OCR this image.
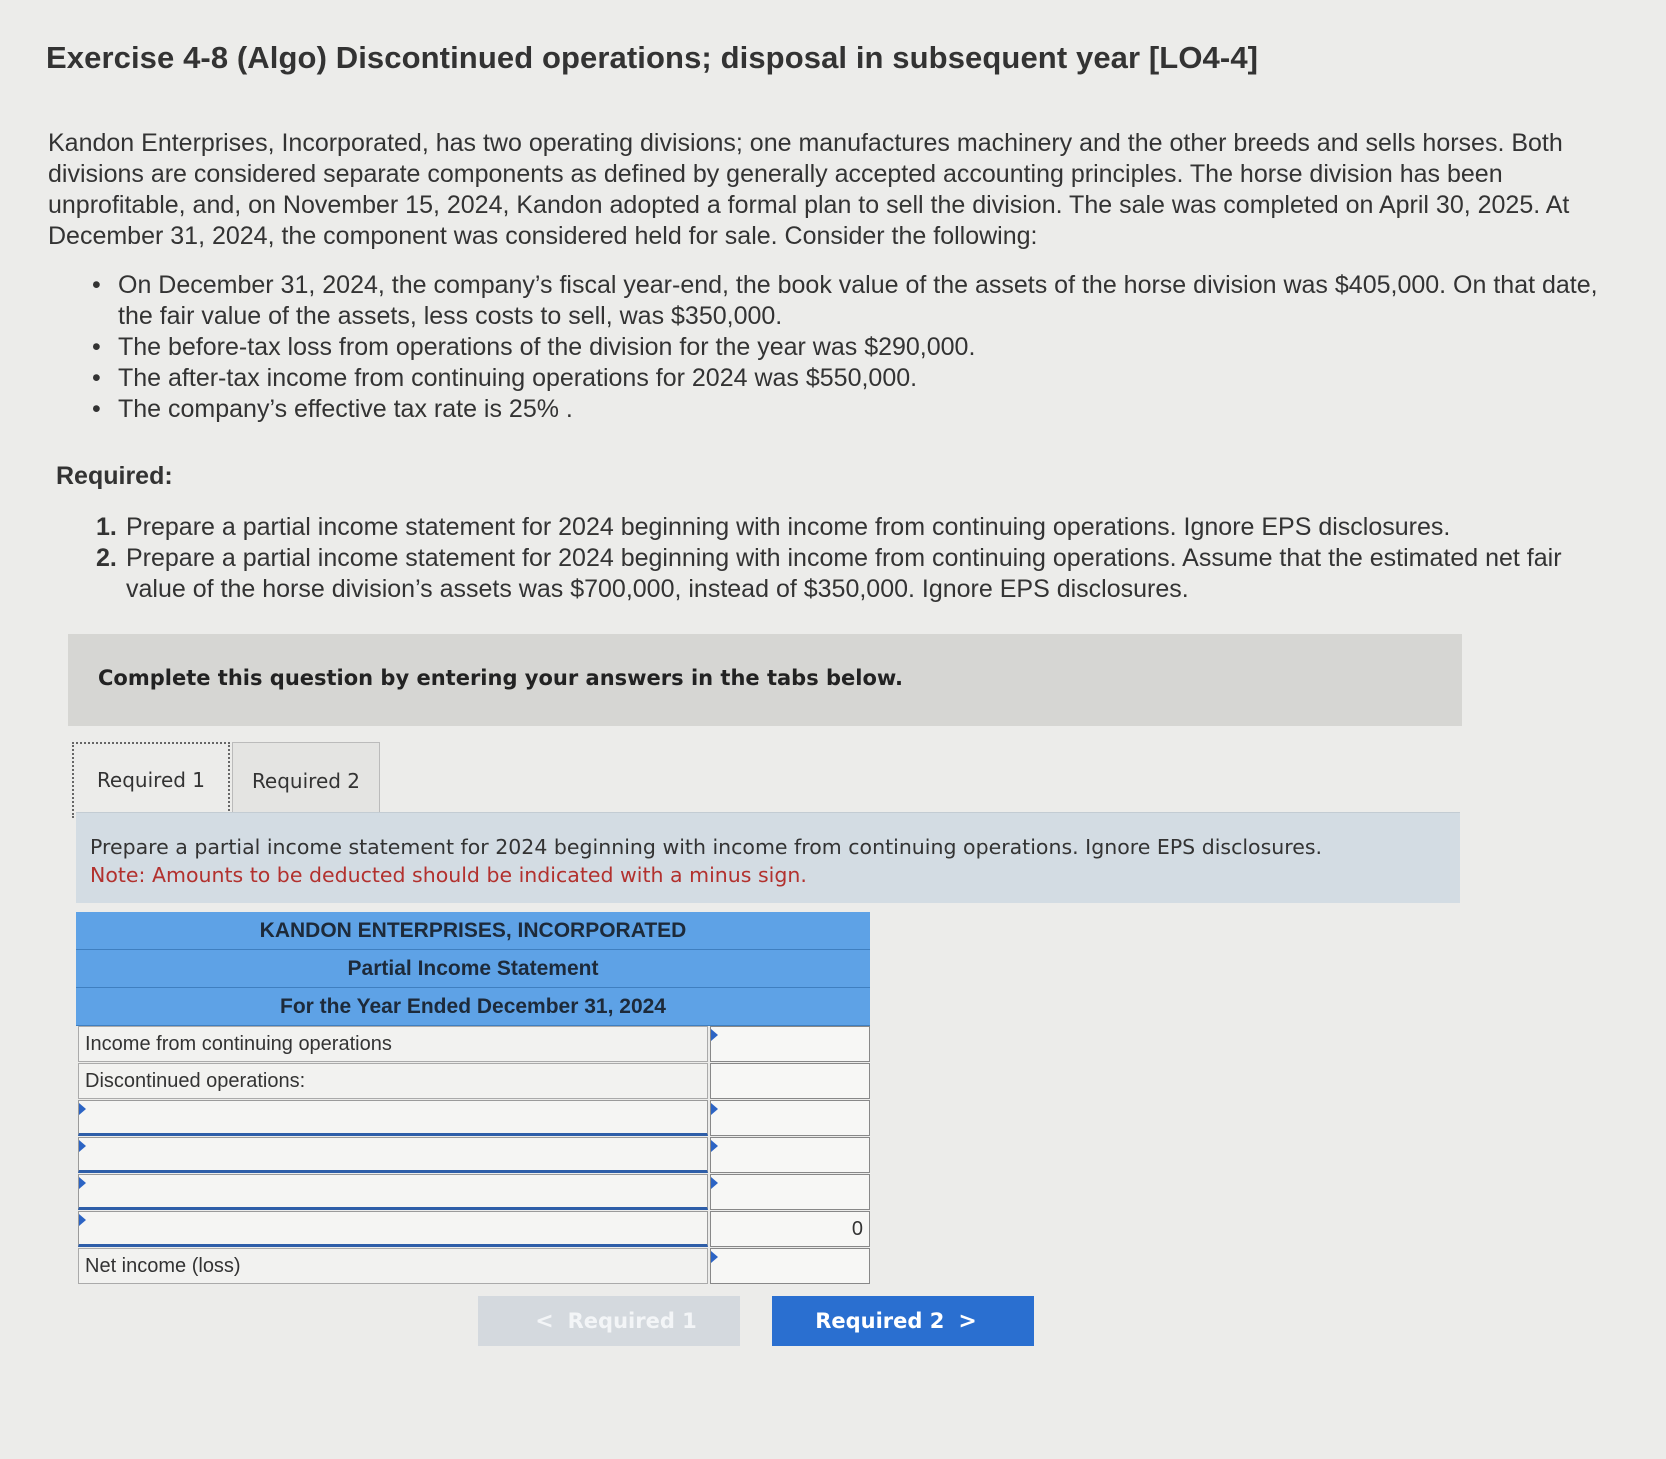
Exercise 4-8 (Algo) Discontinued operations; disposal in subsequent year [LO4-4]
Kandon Enterprises, Incorporated, has two operating divisions; one manufactures machinery and the other breeds and sells horses. Both divisions are considered separate components as defined by generally accepted accounting principles. The horse division has been unprofitable, and, on November 15, 2024, Kandon adopted a formal plan to sell the division. The sale was completed on April 30, 2025. At December 31, 2024, the component was considered held for sale. Consider the following:
• On December 31, 2024, the company’s fiscal year-end, the book value of the assets of the horse division was $405,000. On that date, the fair value of the assets, less costs to sell, was $350,000.
• The before-tax loss from operations of the division for the year was $290,000.
• The after-tax income from continuing operations for 2024 was $550,000.
• The company’s effective tax rate is 25% .
Required:
1. Prepare a partial income statement for 2024 beginning with income from continuing operations. Ignore EPS disclosures.
2. Prepare a partial income statement for 2024 beginning with income from continuing operations. Assume that the estimated net fair value of the horse division’s assets was $700,000, instead of $350,000. Ignore EPS disclosures.
Complete this question by entering your answers in the tabs below.
Required 1	Required 2
Prepare a partial income statement for 2024 beginning with income from continuing operations. Ignore EPS disclosures.
Note: Amounts to be deducted should be indicated with a minus sign.
KANDON ENTERPRISES, INCORPORATED
Partial Income Statement
For the Year Ended December 31, 2024
Income from continuing operations
Discontinued operations:
0
Net income (loss)
< Required 1	Required 2 >
